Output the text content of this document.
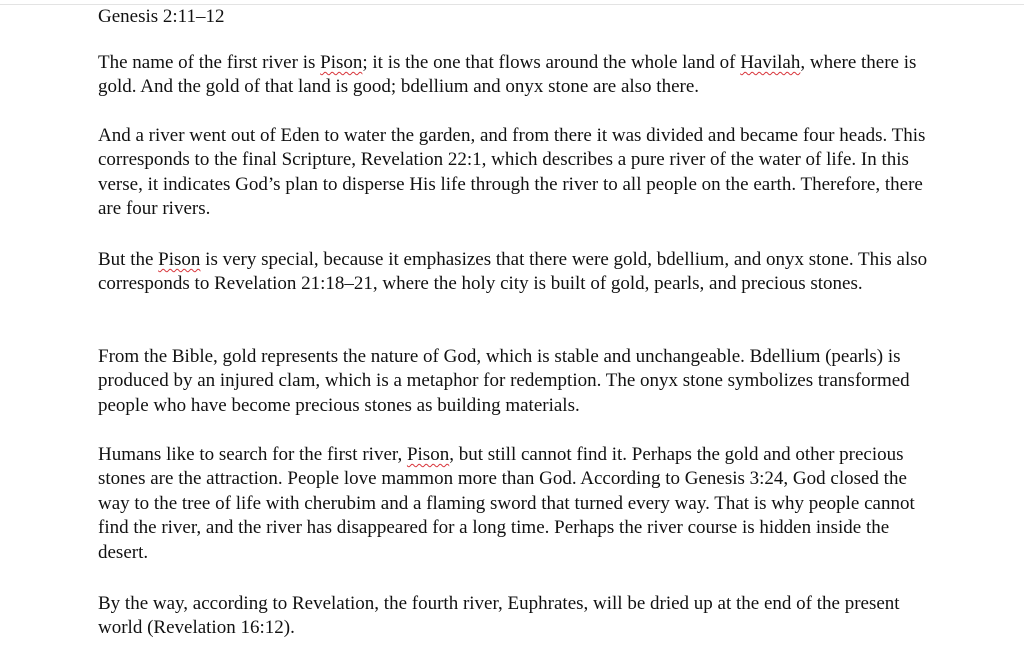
Genesis 2:11–12

The name of the first river is Pison; it is the one that flows around the whole land of Havilah, where there is gold. And the gold of that land is good; bdellium and onyx stone are also there.

And a river went out of Eden to water the garden, and from there it was divided and became four heads. This corresponds to the final Scripture, Revelation 22:1, which describes a pure river of the water of life. In this verse, it indicates God’s plan to disperse His life through the river to all people on the earth. Therefore, there are four rivers.

But the Pison is very special, because it emphasizes that there were gold, bdellium, and onyx stone. This also corresponds to Revelation 21:18–21, where the holy city is built of gold, pearls, and precious stones.

From the Bible, gold represents the nature of God, which is stable and unchangeable. Bdellium (pearls) is produced by an injured clam, which is a metaphor for redemption. The onyx stone symbolizes transformed people who have become precious stones as building materials.

Humans like to search for the first river, Pison, but still cannot find it. Perhaps the gold and other precious stones are the attraction. People love mammon more than God. According to Genesis 3:24, God closed the way to the tree of life with cherubim and a flaming sword that turned every way. That is why people cannot find the river, and the river has disappeared for a long time. Perhaps the river course is hidden inside the desert.

By the way, according to Revelation, the fourth river, Euphrates, will be dried up at the end of the present world (Revelation 16:12).
